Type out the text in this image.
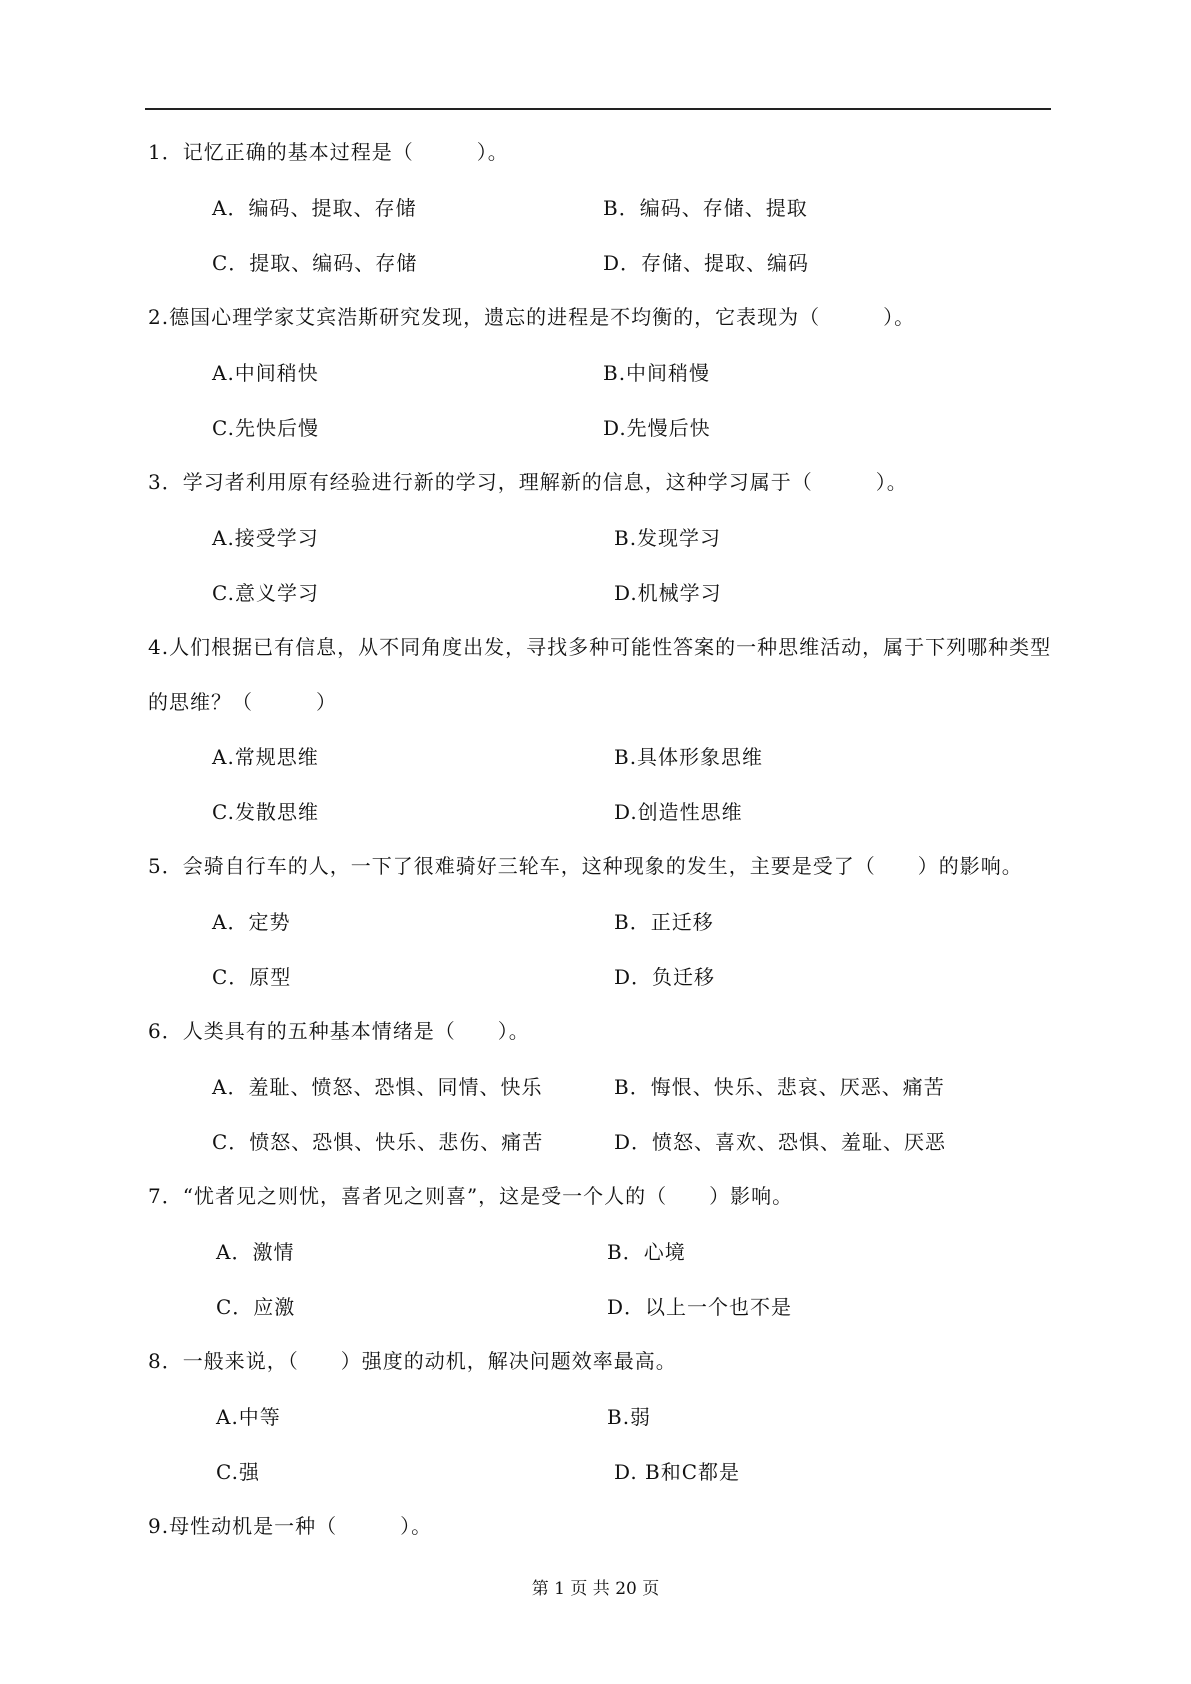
1．记忆正确的基本过程是（　　　）。
A．编码、提取、存储	B．编码、存储、提取
C．提取、编码、存储	D．存储、提取、编码
2.德国心理学家艾宾浩斯研究发现，遗忘的进程是不均衡的，它表现为（　　　）。
A.中间稍快	B.中间稍慢
C.先快后慢	D.先慢后快
3．学习者利用原有经验进行新的学习，理解新的信息，这种学习属于（　　　）。
A.接受学习	B.发现学习
C.意义学习	D.机械学习
4.人们根据已有信息，从不同角度出发，寻找多种可能性答案的一种思维活动，属于下列哪种类型
的思维？（　　　）
A.常规思维	B.具体形象思维
C.发散思维	D.创造性思维
5．会骑自行车的人，一下了很难骑好三轮车，这种现象的发生，主要是受了（　　）的影响。
A．定势	B．正迁移
C．原型	D．负迁移
6．人类具有的五种基本情绪是（　　）。
A．羞耻、愤怒、恐惧、同情、快乐	B．悔恨、快乐、悲哀、厌恶、痛苦
C．愤怒、恐惧、快乐、悲伤、痛苦	D．愤怒、喜欢、恐惧、羞耻、厌恶
7．“忧者见之则忧，喜者见之则喜”，这是受一个人的（　　）影响。
A．激情	B．心境
C．应激	D．以上一个也不是
8．一般来说，（　　）强度的动机，解决问题效率最高。
A.中等	B.弱
C.强	D. B和C都是
9.母性动机是一种（　　　）。
第 1 页 共 20 页
